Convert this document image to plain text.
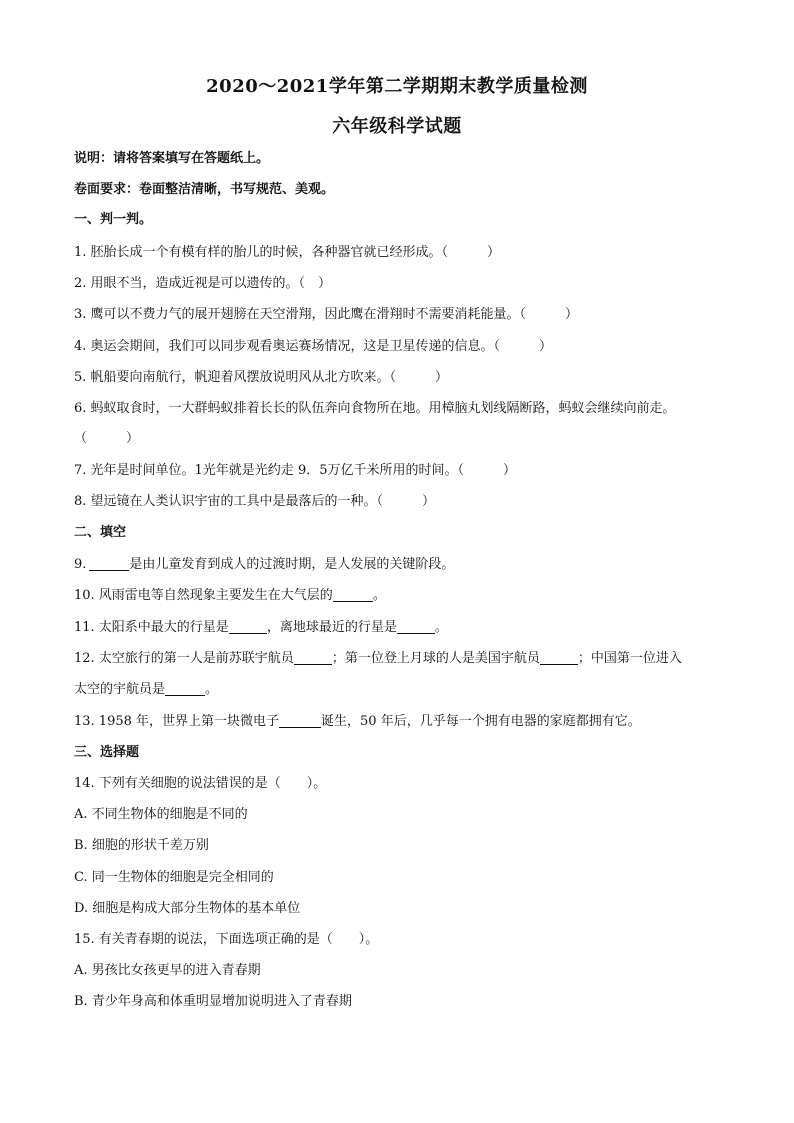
2020～2021学年第二学期期末教学质量检测
六年级科学试题
说明：请将答案填写在答题纸上。
卷面要求：卷面整洁清晰，书写规范、美观。
一、判一判。
1. 胚胎长成一个有模有样的胎儿的时候，各种器官就已经形成。（　　　）
2. 用眼不当，造成近视是可以遗传的。（　）
3. 鹰可以不费力气的展开翅膀在天空滑翔，因此鹰在滑翔时不需要消耗能量。（　　　）
4. 奥运会期间，我们可以同步观看奥运赛场情况，这是卫星传递的信息。（　　　）
5. 帆船要向南航行，帆迎着风摆放说明风从北方吹来。（　　　）
6. 蚂蚁取食时，一大群蚂蚁排着长长的队伍奔向食物所在地。用樟脑丸划线隔断路，蚂蚁会继续向前走。
（　　　）
7. 光年是时间单位。1光年就是光约走 9．5万亿千米所用的时间。（　　　）
8. 望远镜在人类认识宇宙的工具中是最落后的一种。（　　　）
二、填空
9.	是由儿童发育到成人的过渡时期，是人发展的关键阶段。
10. 风雨雷电等自然现象主要发生在大气层的	。
11. 太阳系中最大的行星是	，离地球最近的行星是	。
12. 太空旅行的第一人是前苏联宇航员	；第一位登上月球的人是美国宇航员	；中国第一位进入
太空的宇航员是	。
13. 1958 年，世界上第一块微电子	诞生，50 年后，几乎每一个拥有电器的家庭都拥有它。
三、选择题
14. 下列有关细胞的说法错误的是（　　）。
A. 不同生物体的细胞是不同的
B. 细胞的形状千差万别
C. 同一生物体的细胞是完全相同的
D. 细胞是构成大部分生物体的基本单位
15. 有关青春期的说法，下面选项正确的是（　　）。
A. 男孩比女孩更早的进入青春期
B. 青少年身高和体重明显增加说明进入了青春期
